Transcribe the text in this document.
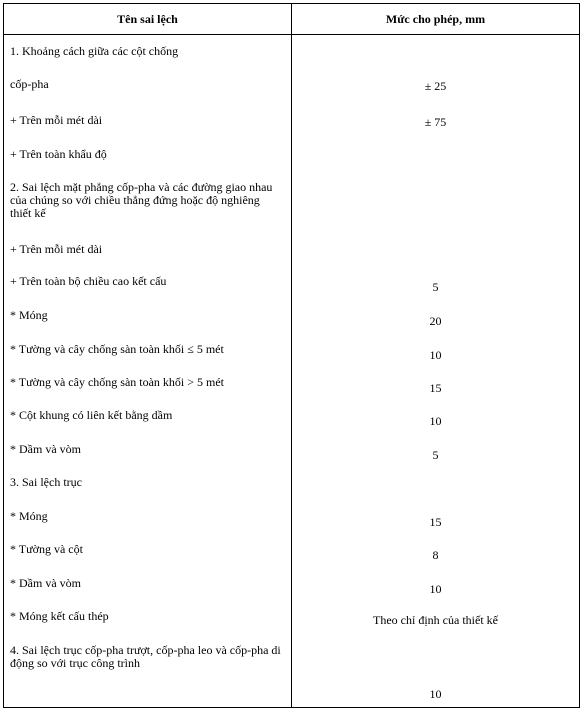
Tên sai lệch	Mức cho phép, mm
1. Khoảng cách giữa các cột chống	
cốp-pha	± 25
+ Trên mỗi mét dài	± 75
+ Trên toàn khẩu độ	
2. Sai lệch mặt phẳng cốp-pha và các đường giao nhau của chúng so với chiều thẳng đứng hoặc độ nghiêng thiết kế	
+ Trên mỗi mét dài	
+ Trên toàn bộ chiều cao kết cấu	5
* Móng	20
* Tường và cây chống sàn toàn khối ≤ 5 mét	10
* Tường và cây chống sàn toàn khối > 5 mét	15
* Cột khung có liên kết bằng dầm	10
* Dầm và vòm	5
3. Sai lệch trục	
* Móng	15
* Tường và cột	8
* Dầm và vòm	10
* Móng kết cấu thép	Theo chỉ định của thiết kế
4. Sai lệch trục cốp-pha trượt, cốp-pha leo và cốp-pha di động so với trục công trình	
	10
